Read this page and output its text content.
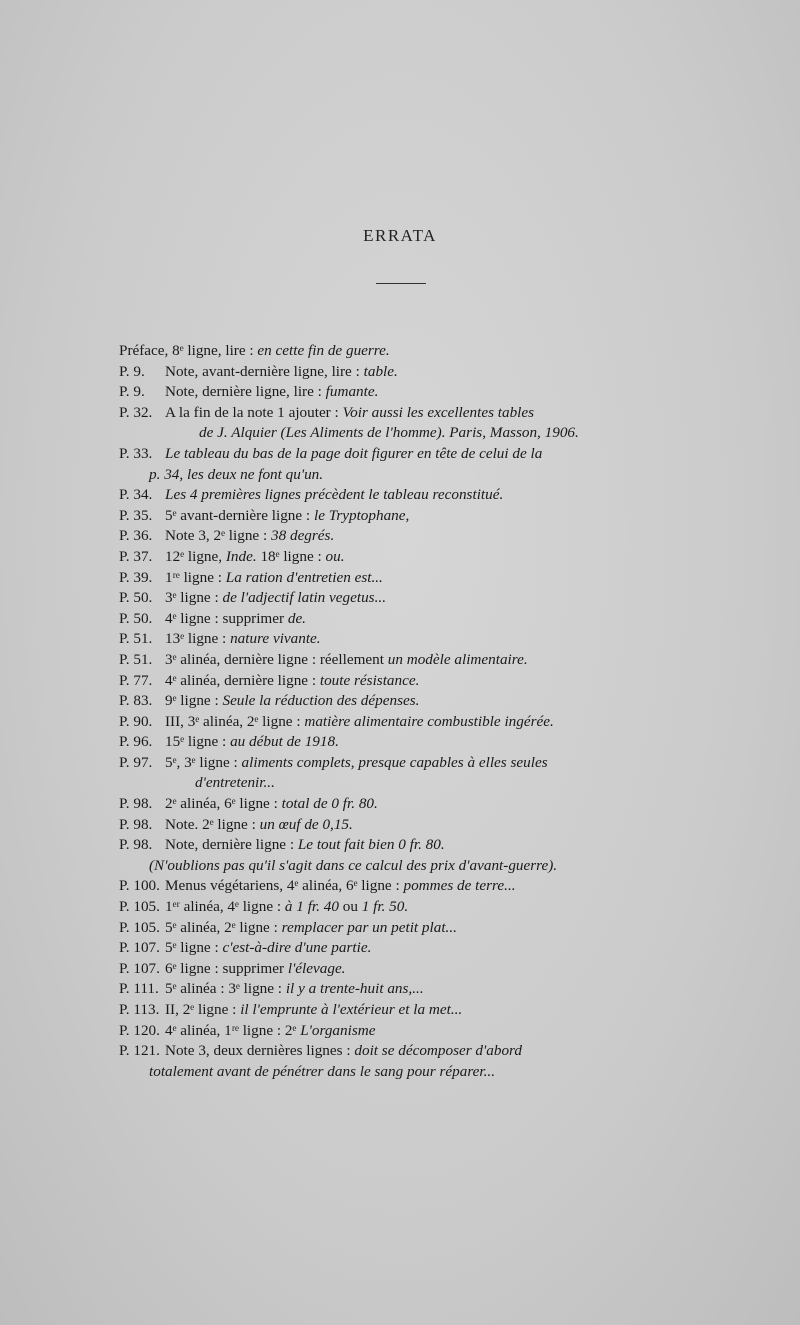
ERRATA
Préface, 8ᵉ ligne, lire : en cette fin de guerre.
P. 9. Note, avant-dernière ligne, lire : table.
P. 9. Note, dernière ligne, lire : fumante.
P. 32. A la fin de la note 1 ajouter : Voir aussi les excellentes tables
de J. Alquier (Les Aliments de l'homme). Paris, Masson, 1906.
P. 33. Le tableau du bas de la page doit figurer en tête de celui de la
p. 34, les deux ne font qu'un.
P. 34. Les 4 premières lignes précèdent le tableau reconstitué.
P. 35. 5ᵉ avant-dernière ligne : le Tryptophane,
P. 36. Note 3, 2ᵉ ligne : 38 degrés.
P. 37. 12ᵉ ligne, Inde. 18ᵉ ligne : ou.
P. 39. 1ʳᵉ ligne : La ration d'entretien est...
P. 50. 3ᵉ ligne : de l'adjectif latin vegetus...
P. 50. 4ᵉ ligne : supprimer de.
P. 51. 13ᵉ ligne : nature vivante.
P. 51. 3ᵉ alinéa, dernière ligne : réellement un modèle alimentaire.
P. 77. 4ᵉ alinéa, dernière ligne : toute résistance.
P. 83. 9ᵉ ligne : Seule la réduction des dépenses.
P. 90. III, 3ᵉ alinéa, 2ᵉ ligne : matière alimentaire combustible ingérée.
P. 96. 15ᵉ ligne : au début de 1918.
P. 97. 5ᵉ, 3ᵉ ligne : aliments complets, presque capables à elles seules
d'entretenir...
P. 98. 2ᵉ alinéa, 6ᵉ ligne : total de 0 fr. 80.
P. 98. Note. 2ᵉ ligne : un œuf de 0,15.
P. 98. Note, dernière ligne : Le tout fait bien 0 fr. 80.
(N'oublions pas qu'il s'agit dans ce calcul des prix d'avant-guerre).
P. 100. Menus végétariens, 4ᵉ alinéa, 6ᵉ ligne : pommes de terre...
P. 105. 1ᵉʳ alinéa, 4ᵉ ligne : à 1 fr. 40 ou 1 fr. 50.
P. 105. 5ᵉ alinéa, 2ᵉ ligne : remplacer par un petit plat...
P. 107. 5ᵉ ligne : c'est-à-dire d'une partie.
P. 107. 6ᵉ ligne : supprimer l'élevage.
P. 111. 5ᵉ alinéa : 3ᵉ ligne : il y a trente-huit ans,...
P. 113. II, 2ᵉ ligne : il l'emprunte à l'extérieur et la met...
P. 120. 4ᵉ alinéa, 1ʳᵉ ligne : 2ᵉ L'organisme
P. 121. Note 3, deux dernières lignes : doit se décomposer d'abord
totalement avant de pénétrer dans le sang pour réparer...
